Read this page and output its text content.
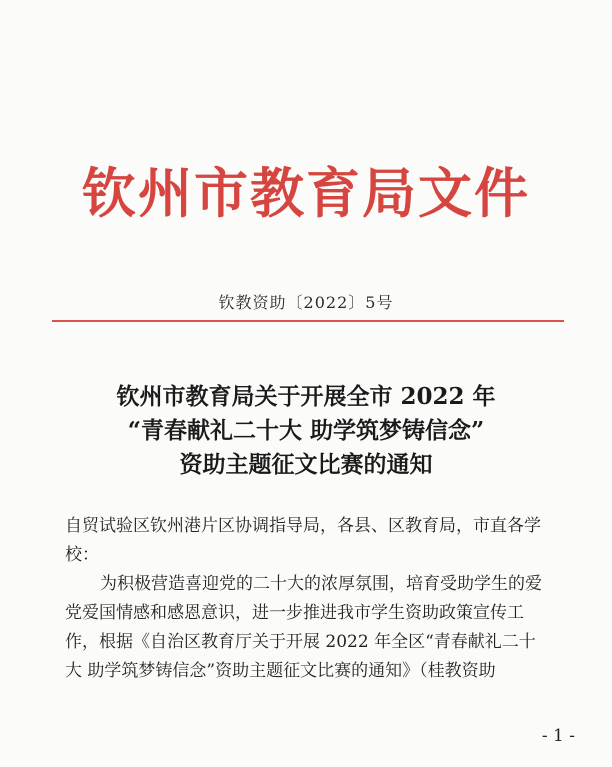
钦州市教育局文件
钦教资助〔2022〕5号
钦州市教育局关于开展全市 2022 年
“青春献礼二十大 助学筑梦铸信念”
资助主题征文比赛的通知
自贸试验区钦州港片区协调指导局，各县、区教育局，市直各学
校：
为积极营造喜迎党的二十大的浓厚氛围，培育受助学生的爱
党爱国情感和感恩意识，进一步推进我市学生资助政策宣传工
作，根据《自治区教育厅关于开展 2022 年全区“青春献礼二十
大 助学筑梦铸信念”资助主题征文比赛的通知》（桂教资助
- 1 -
